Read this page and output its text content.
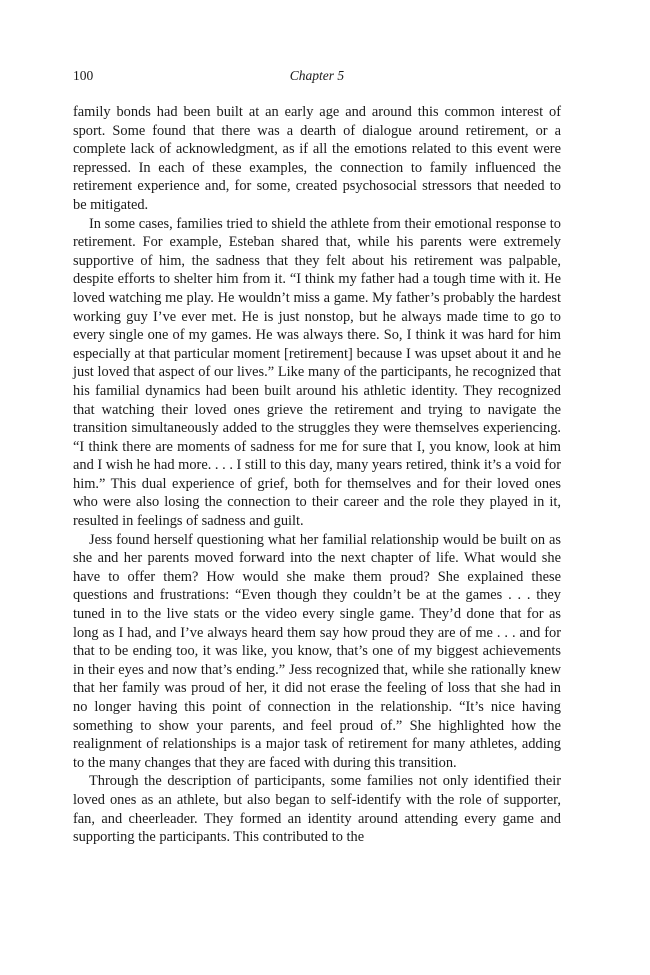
100	Chapter 5

family bonds had been built at an early age and around this common interest of sport. Some found that there was a dearth of dialogue around retirement, or a complete lack of acknowledgment, as if all the emotions related to this event were repressed. In each of these examples, the connection to family influenced the retirement experience and, for some, created psychosocial stressors that needed to be mitigated.

In some cases, families tried to shield the athlete from their emotional response to retirement. For example, Esteban shared that, while his parents were extremely supportive of him, the sadness that they felt about his retirement was palpable, despite efforts to shelter him from it. “I think my father had a tough time with it. He loved watching me play. He wouldn’t miss a game. My father’s probably the hardest working guy I’ve ever met. He is just nonstop, but he always made time to go to every single one of my games. He was always there. So, I think it was hard for him especially at that particular moment [retirement] because I was upset about it and he just loved that aspect of our lives.” Like many of the participants, he recognized that his familial dynamics had been built around his athletic identity. They recognized that watching their loved ones grieve the retirement and trying to navigate the transition simultaneously added to the struggles they were themselves experiencing. “I think there are moments of sadness for me for sure that I, you know, look at him and I wish he had more. . . . I still to this day, many years retired, think it’s a void for him.” This dual experience of grief, both for themselves and for their loved ones who were also losing the connection to their career and the role they played in it, resulted in feelings of sadness and guilt.

Jess found herself questioning what her familial relationship would be built on as she and her parents moved forward into the next chapter of life. What would she have to offer them? How would she make them proud? She explained these questions and frustrations: “Even though they couldn’t be at the games . . . they tuned in to the live stats or the video every single game. They’d done that for as long as I had, and I’ve always heard them say how proud they are of me . . . and for that to be ending too, it was like, you know, that’s one of my biggest achievements in their eyes and now that’s ending.” Jess recognized that, while she rationally knew that her family was proud of her, it did not erase the feeling of loss that she had in no longer having this point of connection in the relationship. “It’s nice having something to show your parents, and feel proud of.” She highlighted how the realignment of relationships is a major task of retirement for many athletes, adding to the many changes that they are faced with during this transition.

Through the description of participants, some families not only identified their loved ones as an athlete, but also began to self-identify with the role of supporter, fan, and cheerleader. They formed an identity around attending every game and supporting the participants. This contributed to the
